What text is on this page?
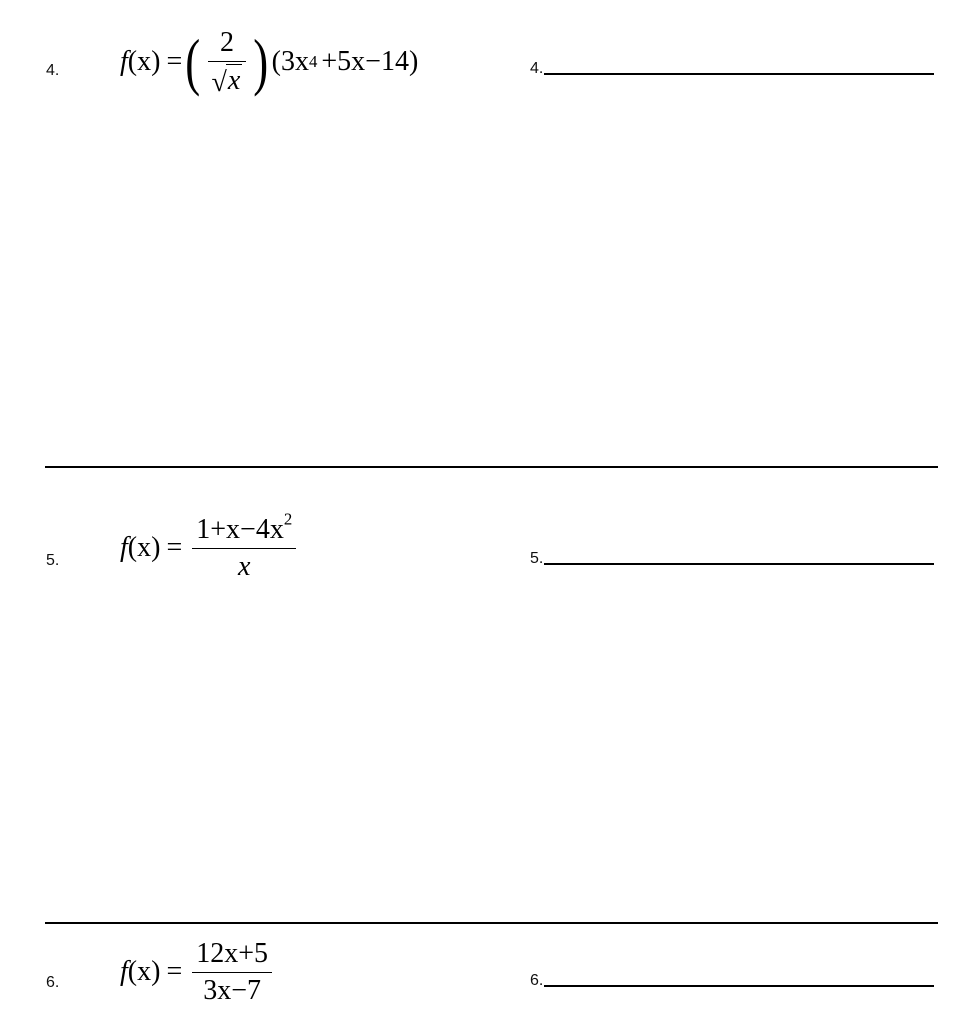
4. f (x) = ( $\frac{2}{√ x}$ ) (3x 4 +5x−14)	4.
5. f $(x) = \frac{1+x-4x^2}{x}$	5.
6. f $(x) = \frac{12x+5}{3x-7}$	6.
